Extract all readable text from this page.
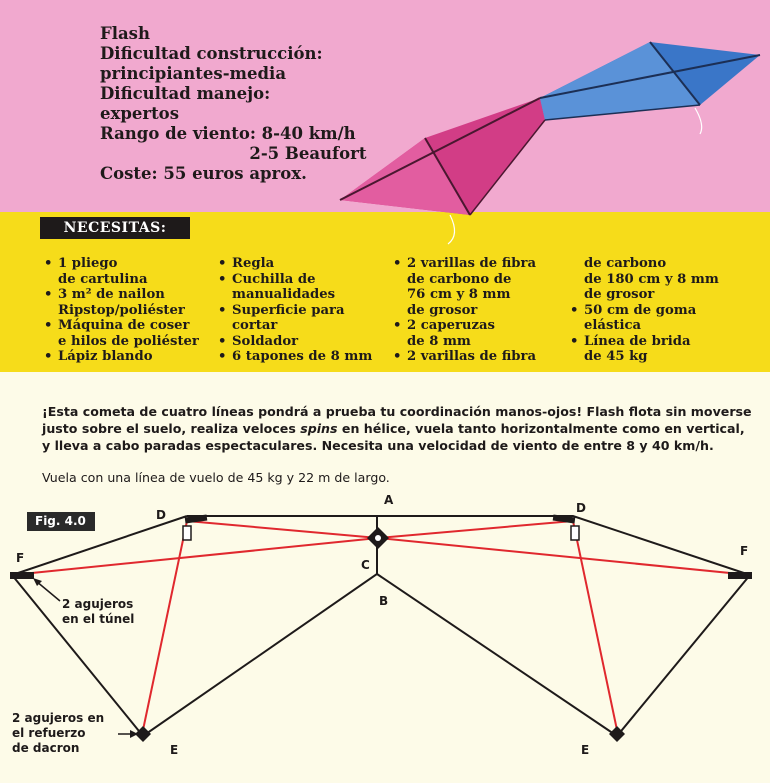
Flash
Dificultad construcción:
principiantes-media
Dificultad manejo:
expertos
Rango de viento: 8-40 km/h
2-5 Beaufort
Coste: 55 euros aprox.
NECESITAS:
• 1 pliego
de cartulina
• 3 m² de nailon
Ripstop/poliéster
• Máquina de coser
e hilos de poliéster
• Lápiz blando
• Regla
• Cuchilla de
manualidades
• Superficie para
cortar
• Soldador
• 6 tapones de 8 mm
• 2 varillas de fibra
de carbono de
76 cm y 8 mm
de grosor
• 2 caperuzas
de 8 mm
• 2 varillas de fibra
de carbono
de 180 cm y 8 mm
de grosor
• 50 cm de goma
elástica
• Línea de brida
de 45 kg

¡Esta cometa de cuatro líneas pondrá a prueba tu coordinación manos-ojos! Flash flota sin moverse justo sobre el suelo, realiza veloces spins en hélice, vuela tanto horizontalmente como en vertical, y lleva a cabo paradas espectaculares. Necesita una velocidad de viento de entre 8 y 40 km/h.

Vuela con una línea de vuelo de 45 kg y 22 m de largo.
A
C
B
D	D
F	F
E	E
Fig. 4.0
2 agujeros
en el túnel
2 agujeros en
el refuerzo
de dacron
